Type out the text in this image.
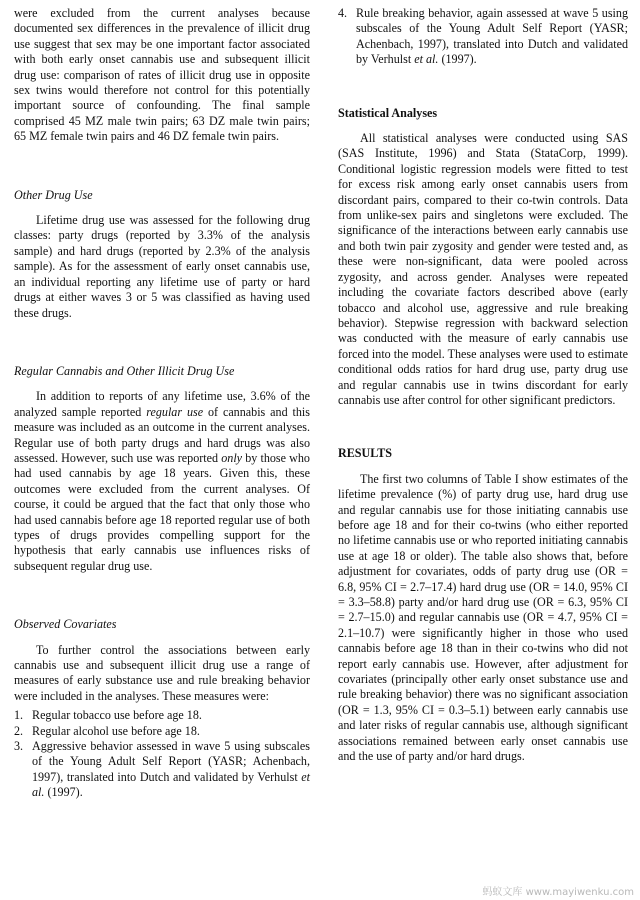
were excluded from the current analyses because documented sex differences in the prevalence of illicit drug use suggest that sex may be one important factor associated with both early onset cannabis use and subsequent illicit drug use: comparison of rates of illicit drug use in opposite sex twins would therefore not control for this potentially important source of confounding. The final sample comprised 45 MZ male twin pairs; 63 DZ male twin pairs; 65 MZ female twin pairs and 46 DZ female twin pairs.

Other Drug Use

Lifetime drug use was assessed for the following drug classes: party drugs (reported by 3.3% of the analysis sample) and hard drugs (reported by 2.3% of the analysis sample). As for the assessment of early onset cannabis use, an individual reporting any lifetime use of party or hard drugs at either waves 3 or 5 was classified as having used these drugs.

Regular Cannabis and Other Illicit Drug Use

In addition to reports of any lifetime use, 3.6% of the analyzed sample reported regular use of cannabis and this measure was included as an outcome in the current analyses. Regular use of both party drugs and hard drugs was also assessed. However, such use was reported only by those who had used cannabis by age 18 years. Given this, these outcomes were excluded from the current analyses. Of course, it could be argued that the fact that only those who had used cannabis before age 18 reported regular use of both types of drugs provides compelling support for the hypothesis that early cannabis use influences risks of subsequent regular drug use.

Observed Covariates

To further control the associations between early cannabis use and subsequent illicit drug use a range of measures of early substance use and rule breaking behavior were included in the analyses. These measures were:

1. Regular tobacco use before age 18.
2. Regular alcohol use before age 18.
3. Aggressive behavior assessed in wave 5 using subscales of the Young Adult Self Report (YASR; Achenbach, 1997), translated into Dutch and validated by Verhulst et al. (1997).
4. Rule breaking behavior, again assessed at wave 5 using subscales of the Young Adult Self Report (YASR; Achenbach, 1997), translated into Dutch and validated by Verhulst et al. (1997).
Statistical Analyses

All statistical analyses were conducted using SAS (SAS Institute, 1996) and Stata (StataCorp, 1999). Conditional logistic regression models were fitted to test for excess risk among early onset cannabis users from discordant pairs, compared to their co-twin controls. Data from unlike-sex pairs and singletons were excluded. The significance of the interactions between early cannabis use and both twin pair zygosity and gender were tested and, as these were non-significant, data were pooled across zygosity, and across gender. Analyses were repeated including the covariate factors described above (early tobacco and alcohol use, aggressive and rule breaking behavior). Stepwise regression with backward selection was conducted with the measure of early cannabis use forced into the model. These analyses were used to estimate conditional odds ratios for hard drug use, party drug use and regular cannabis use in twins discordant for early cannabis use after control for other significant predictors.

RESULTS

The first two columns of Table I show estimates of the lifetime prevalence (%) of party drug use, hard drug use and regular cannabis use for those initiating cannabis use before age 18 and for their co-twins (who either reported no lifetime cannabis use or who reported initiating cannabis use at age 18 or older). The table also shows that, before adjustment for covariates, odds of party drug use (OR = 6.8, 95% CI = 2.7–17.4) hard drug use (OR = 14.0, 95% CI = 3.3–58.8) party and/or hard drug use (OR = 6.3, 95% CI = 2.7–15.0) and regular cannabis use (OR = 4.7, 95% CI = 2.1–10.7) were significantly higher in those who used cannabis before age 18 than in their co-twins who did not report early cannabis use. However, after adjustment for covariates (principally other early onset substance use and rule breaking behavior) there was no significant association (OR = 1.3, 95% CI = 0.3–5.1) between early cannabis use and later risks of regular cannabis use, although significant associations remained between early onset cannabis use and the use of party and/or hard drugs.

蚂蚁文库 www.mayiwenku.com
